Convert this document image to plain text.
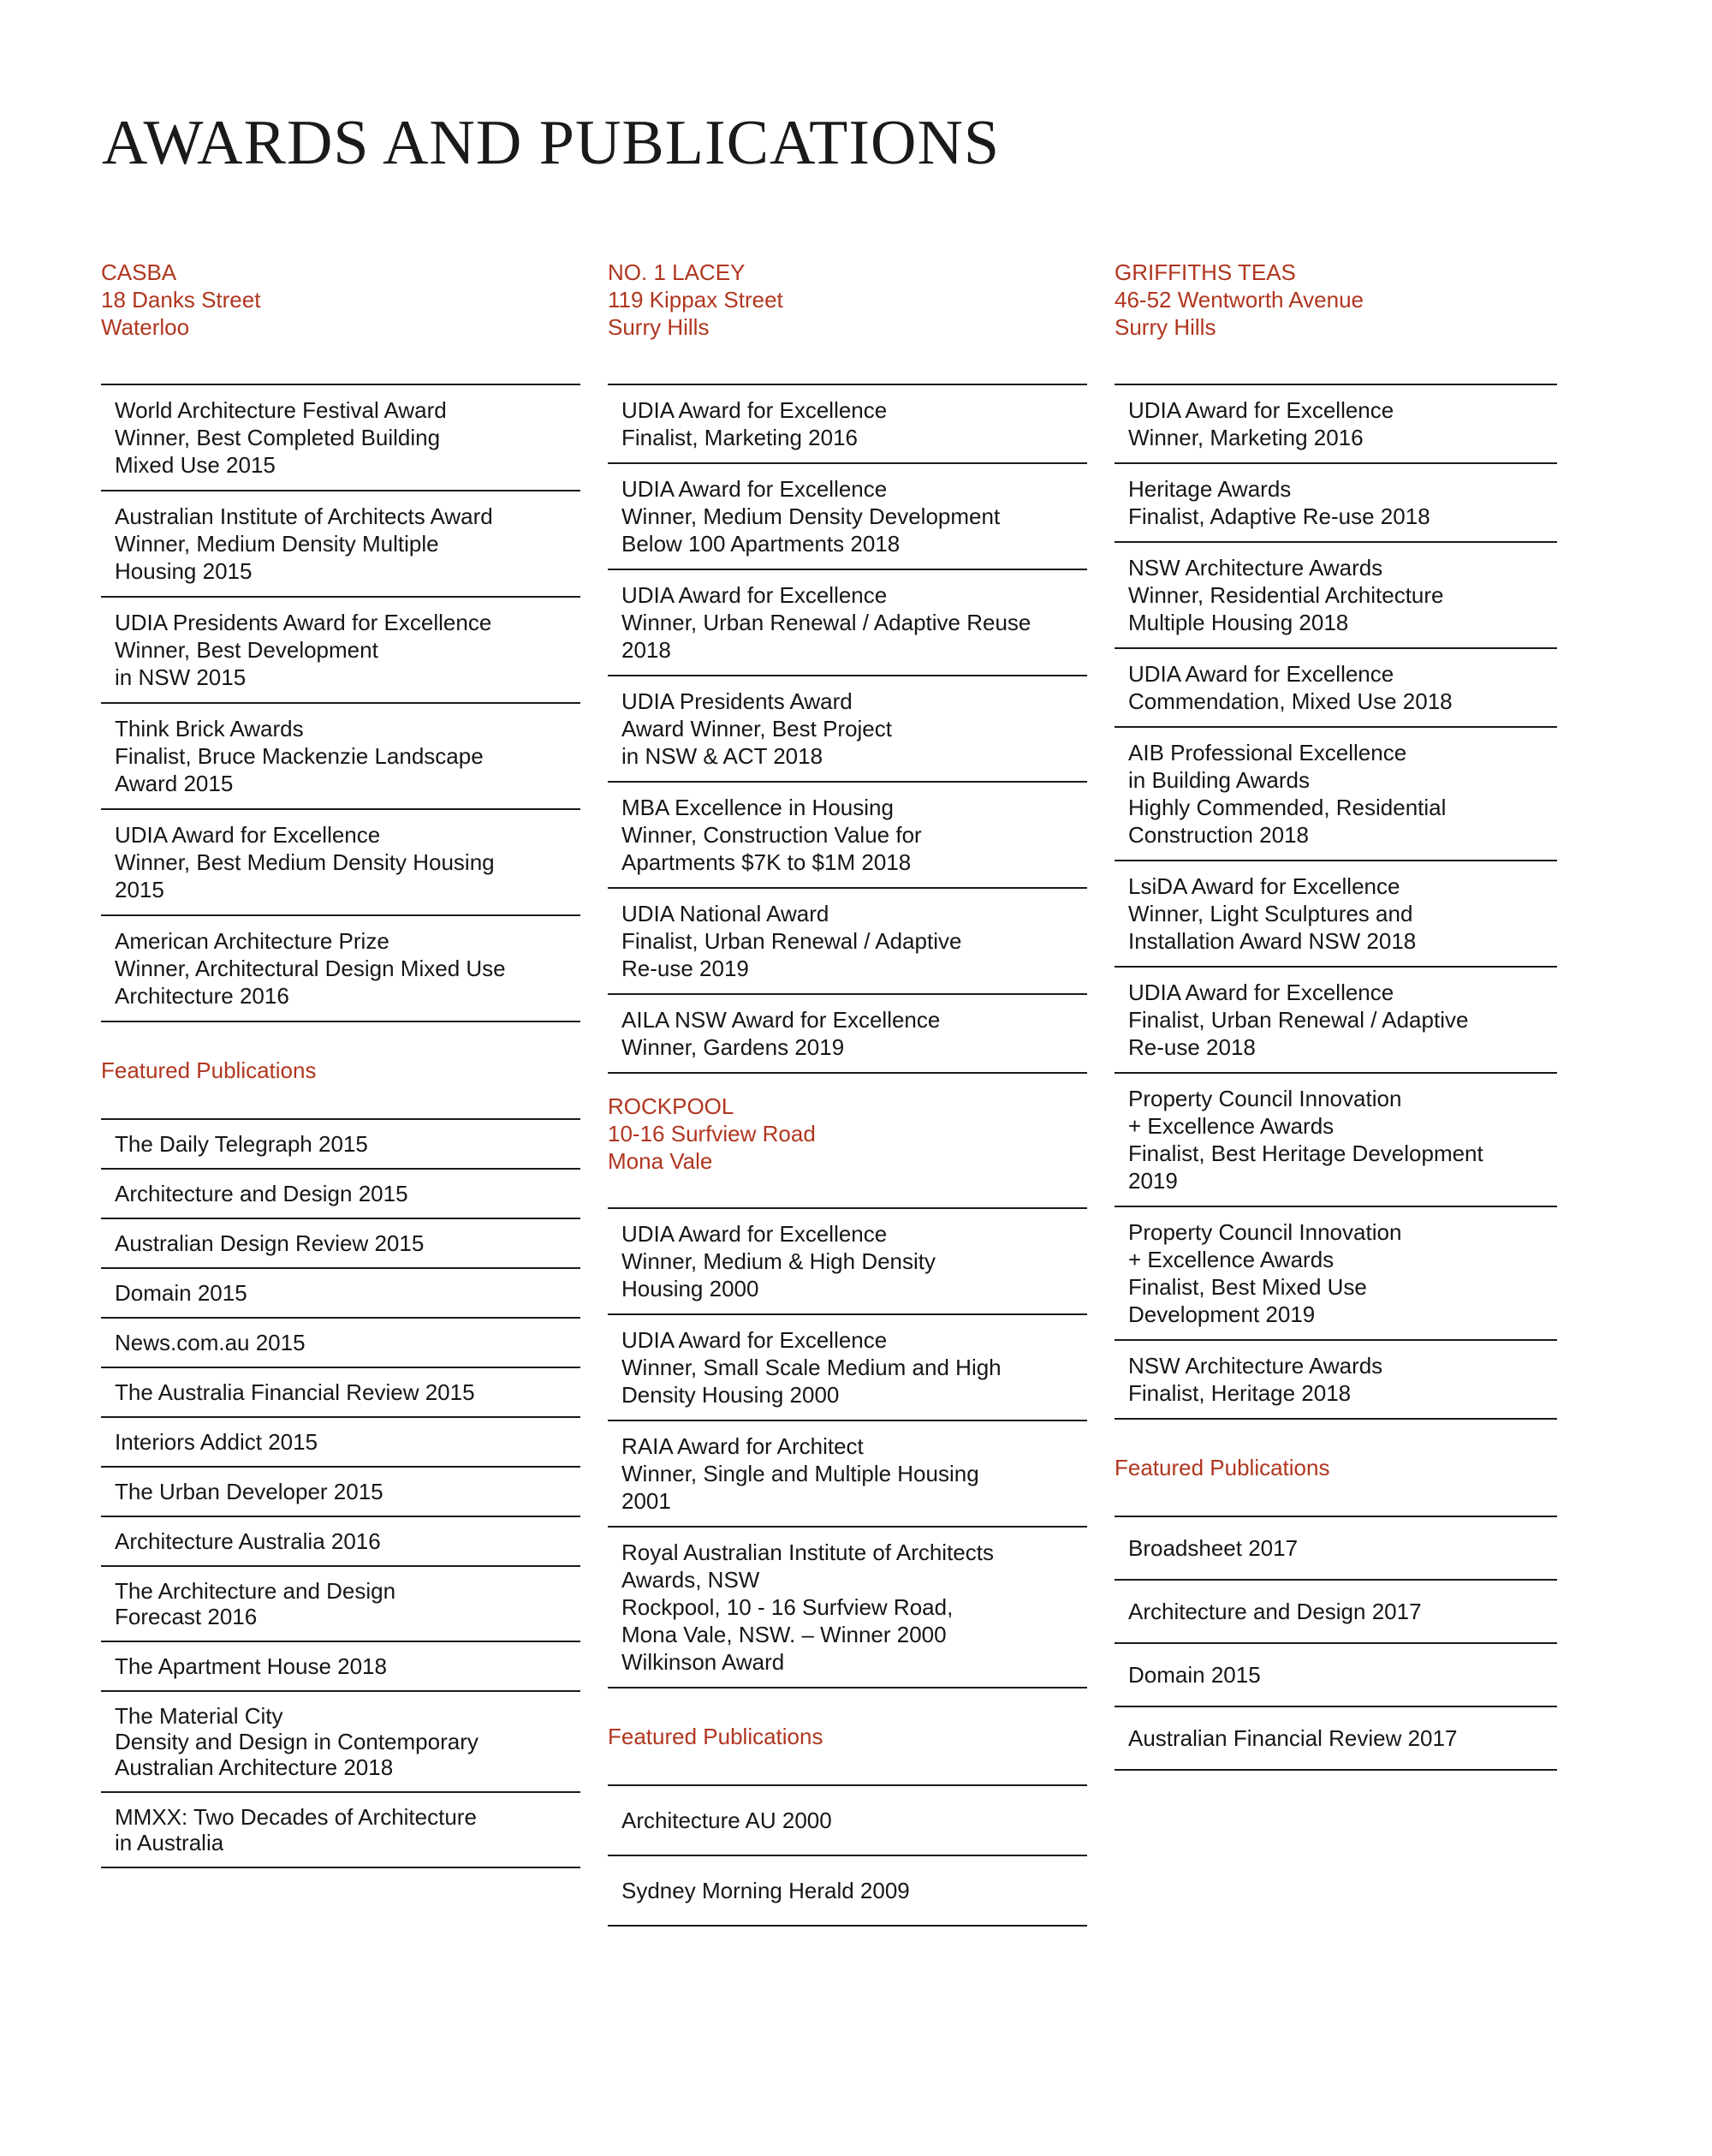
AWARDS AND PUBLICATIONS
CASBA
18 Danks Street
Waterloo
World Architecture Festival Award
Winner, Best Completed Building
Mixed Use 2015
Australian Institute of Architects Award
Winner, Medium Density Multiple
Housing 2015
UDIA Presidents Award for Excellence
Winner, Best Development
in NSW 2015
Think Brick Awards
Finalist, Bruce Mackenzie Landscape
Award 2015
UDIA Award for Excellence
Winner, Best Medium Density Housing
2015
American Architecture Prize
Winner, Architectural Design Mixed Use
Architecture 2016
Featured Publications
The Daily Telegraph 2015
Architecture and Design 2015
Australian Design Review 2015
Domain 2015
News.com.au 2015
The Australia Financial Review 2015
Interiors Addict 2015
The Urban Developer 2015
Architecture Australia 2016
The Architecture and Design
Forecast 2016
The Apartment House 2018
The Material City
Density and Design in Contemporary
Australian Architecture 2018
MMXX: Two Decades of Architecture
in Australia
NO. 1 LACEY
119 Kippax Street
Surry Hills
UDIA Award for Excellence
Finalist, Marketing 2016
UDIA Award for Excellence
Winner, Medium Density Development
Below 100 Apartments 2018
UDIA Award for Excellence
Winner, Urban Renewal / Adaptive Reuse
2018
UDIA Presidents Award
Award Winner, Best Project
in NSW & ACT 2018
MBA Excellence in Housing
Winner, Construction Value for
Apartments $7K to $1M 2018
UDIA National Award
Finalist, Urban Renewal / Adaptive
Re-use 2019
AILA NSW Award for Excellence
Winner, Gardens 2019
ROCKPOOL
10-16 Surfview Road
Mona Vale
UDIA Award for Excellence
Winner, Medium & High Density
Housing 2000
UDIA Award for Excellence
Winner, Small Scale Medium and High
Density Housing 2000
RAIA Award for Architect
Winner, Single and Multiple Housing
2001
Royal Australian Institute of Architects
Awards, NSW
Rockpool, 10 - 16 Surfview Road,
Mona Vale, NSW. – Winner 2000
Wilkinson Award
Featured Publications
Architecture AU 2000
Sydney Morning Herald 2009
GRIFFITHS TEAS
46-52 Wentworth Avenue
Surry Hills
UDIA Award for Excellence
Winner, Marketing 2016
Heritage Awards
Finalist, Adaptive Re-use 2018
NSW Architecture Awards
Winner, Residential Architecture
Multiple Housing 2018
UDIA Award for Excellence
Commendation, Mixed Use 2018
AIB Professional Excellence
in Building Awards
Highly Commended, Residential
Construction 2018
LsiDA Award for Excellence
Winner, Light Sculptures and
Installation Award NSW 2018
UDIA Award for Excellence
Finalist, Urban Renewal / Adaptive
Re-use 2018
Property Council Innovation
+ Excellence Awards
Finalist, Best Heritage Development
2019
Property Council Innovation
+ Excellence Awards
Finalist, Best Mixed Use
Development 2019
NSW Architecture Awards
Finalist, Heritage 2018
Featured Publications
Broadsheet 2017
Architecture and Design 2017
Domain 2015
Australian Financial Review 2017
